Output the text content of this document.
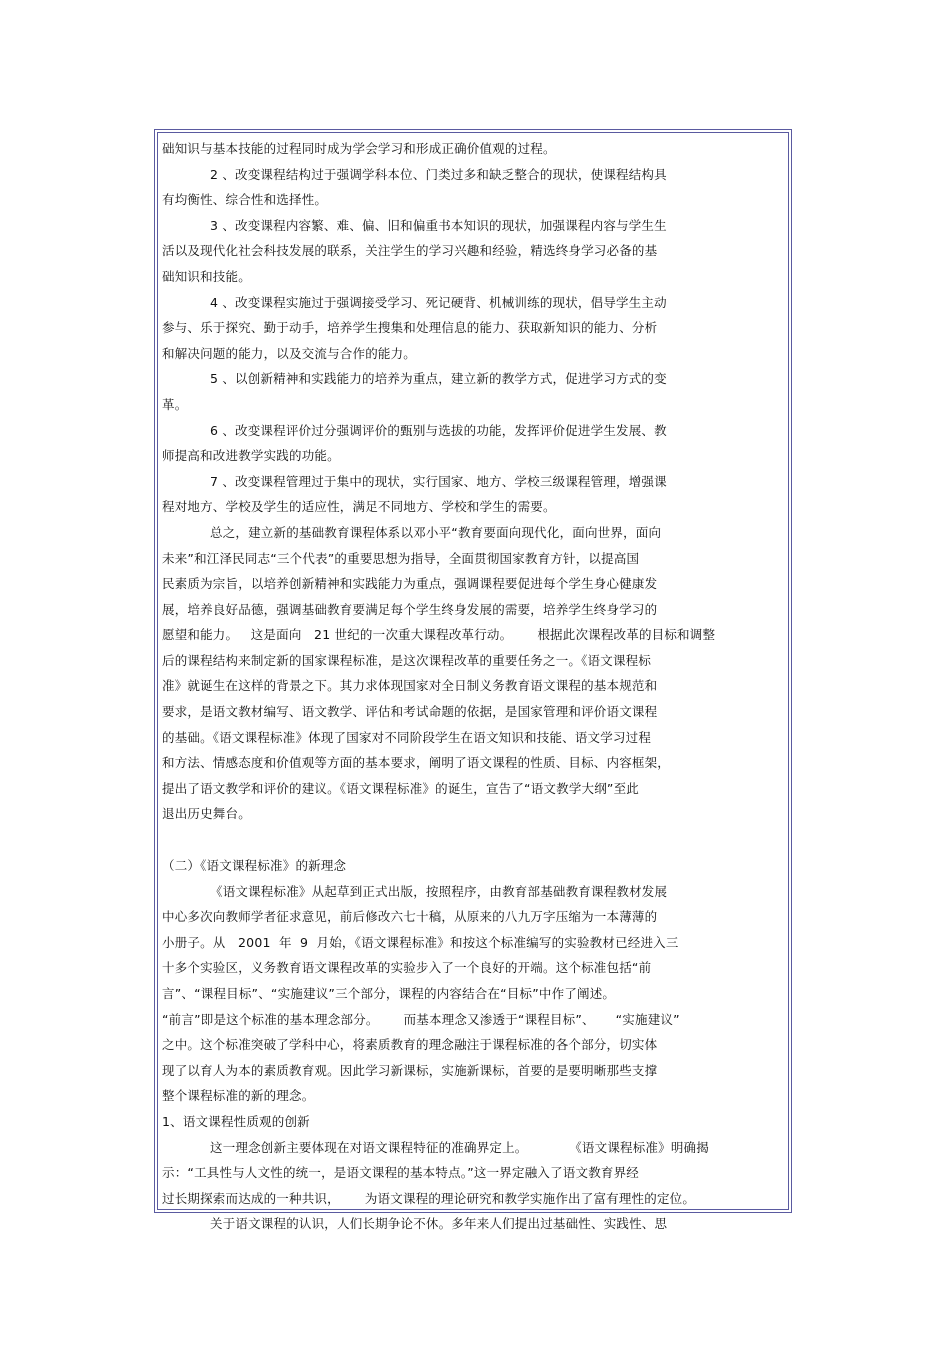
础知识与基本技能的过程同时成为学会学习和形成正确价值观的过程。
2 、改变课程结构过于强调学科本位、门类过多和缺乏整合的现状，使课程结构具
有均衡性、综合性和选择性。
3 、改变课程内容繁、难、偏、旧和偏重书本知识的现状，加强课程内容与学生生
活以及现代化社会科技发展的联系，关注学生的学习兴趣和经验，精选终身学习必备的基
础知识和技能。
4 、改变课程实施过于强调接受学习、死记硬背、机械训练的现状，倡导学生主动
参与、乐于探究、勤于动手，培养学生搜集和处理信息的能力、获取新知识的能力、分析
和解决问题的能力，以及交流与合作的能力。
5 、以创新精神和实践能力的培养为重点，建立新的教学方式，促进学习方式的变
革。
6 、改变课程评价过分强调评价的甄别与选拔的功能，发挥评价促进学生发展、教
师提高和改进教学实践的功能。
7 、改变课程管理过于集中的现状，实行国家、地方、学校三级课程管理，增强课
程对地方、学校及学生的适应性，满足不同地方、学校和学生的需要。
总之，建立新的基础教育课程体系以邓小平“教育要面向现代化，面向世界，面向
未来”和江泽民同志“三个代表”的重要思想为指导，全面贯彻国家教育方针，以提高国
民素质为宗旨，以培养创新精神和实践能力为重点，强调课程要促进每个学生身心健康发
展，培养良好品德，强调基础教育要满足每个学生终身发展的需要，培养学生终身学习的
愿望和能力。   这是面向   21 世纪的一次重大课程改革行动。      根据此次课程改革的目标和调整
后的课程结构来制定新的国家课程标准，是这次课程改革的重要任务之一。《语文课程标
准》就诞生在这样的背景之下。其力求体现国家对全日制义务教育语文课程的基本规范和
要求，是语文教材编写、语文教学、评估和考试命题的依据，是国家管理和评价语文课程
的基础。《语文课程标准》体现了国家对不同阶段学生在语文知识和技能、语文学习过程
和方法、情感态度和价值观等方面的基本要求，阐明了语文课程的性质、目标、内容框架，
提出了语文教学和评价的建议。《语文课程标准》的诞生，宣告了“语文教学大纲”至此
退出历史舞台。
（二）《语文课程标准》的新理念
《语文课程标准》从起草到正式出版，按照程序，由教育部基础教育课程教材发展
中心多次向教师学者征求意见，前后修改六七十稿，从原来的八九万字压缩为一本薄薄的
小册子。从   2001  年  9  月始，《语文课程标准》和按这个标准编写的实验教材已经进入三
十多个实验区，义务教育语文课程改革的实验步入了一个良好的开端。这个标准包括“前
言”、“课程目标”、“实施建议”三个部分，课程的内容结合在“目标”中作了阐述。
“前言”即是这个标准的基本理念部分。      而基本理念又渗透于“课程目标”、     “实施建议”
之中。这个标准突破了学科中心，将素质教育的理念融注于课程标准的各个部分，切实体
现了以育人为本的素质教育观。因此学习新课标，实施新课标，首要的是要明晰那些支撑
整个课程标准的新的理念。
1、语文课程性质观的创新
这一理念创新主要体现在对语文课程特征的准确界定上。          《语文课程标准》明确揭
示：“工具性与人文性的统一，是语文课程的基本特点。”这一界定融入了语文教育界经
过长期探索而达成的一种共识，      为语文课程的理论研究和教学实施作出了富有理性的定位。
关于语文课程的认识，人们长期争论不休。多年来人们提出过基础性、实践性、思
